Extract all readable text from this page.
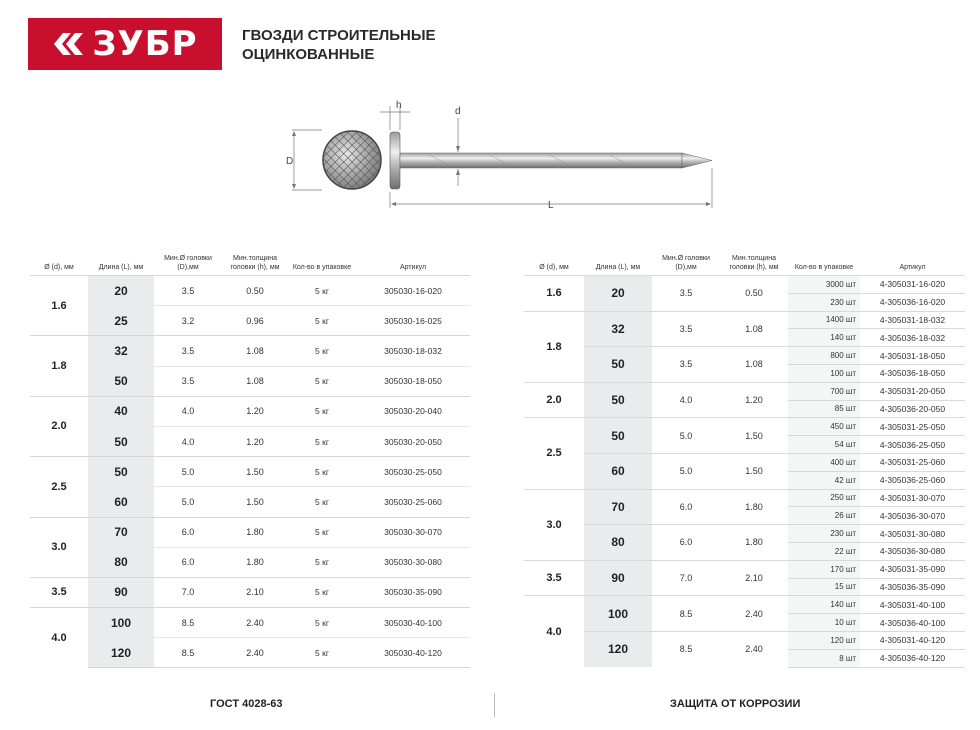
ЗУБР	ГВОЗДИ СТРОИТЕЛЬНЫЕ
ОЦИНКОВАННЫЕ
D
h
d
L
Ø (d), мм	Длина (L), мм	Мин.Ø головки (D),мм	Мин.толщина головки (h), мм	Кол-во в упаковке	Артикул
1.6	20	3.5	0.50	5 кг	305030-16-020
	25	3.2	0.96	5 кг	305030-16-025
1.8	32	3.5	1.08	5 кг	305030-18-032
	50	3.5	1.08	5 кг	305030-18-050
2.0	40	4.0	1.20	5 кг	305030-20-040
	50	4.0	1.20	5 кг	305030-20-050
2.5	50	5.0	1.50	5 кг	305030-25-050
	60	5.0	1.50	5 кг	305030-25-060
3.0	70	6.0	1.80	5 кг	305030-30-070
	80	6.0	1.80	5 кг	305030-30-080
3.5	90	7.0	2.10	5 кг	305030-35-090
4.0	100	8.5	2.40	5 кг	305030-40-100
	120	8.5	2.40	5 кг	305030-40-120
Ø (d), мм	Длина (L), мм	Мин.Ø головки (D),мм	Мин.толщина головки (h), мм	Кол-во в упаковке	Артикул
1.6	20	3.5	0.50	3000 шт	4-305031-16-020
				230 шт	4-305036-16-020
1.8	32	3.5	1.08	1400 шт	4-305031-18-032
				140 шт	4-305036-18-032
	50	3.5	1.08	800 шт	4-305031-18-050
				100 шт	4-305036-18-050
2.0	50	4.0	1.20	700 шт	4-305031-20-050
				85 шт	4-305036-20-050
2.5	50	5.0	1.50	450 шт	4-305031-25-050
				54 шт	4-305036-25-050
	60	5.0	1.50	400 шт	4-305031-25-060
				42 шт	4-305036-25-060
3.0	70	6.0	1.80	250 шт	4-305031-30-070
				26 шт	4-305036-30-070
	80	6.0	1.80	230 шт	4-305031-30-080
				22 шт	4-305036-30-080
3.5	90	7.0	2.10	170 шт	4-305031-35-090
				15 шт	4-305036-35-090
4.0	100	8.5	2.40	140 шт	4-305031-40-100
				10 шт	4-305036-40-100
	120	8.5	2.40	120 шт	4-305031-40-120
				8 шт	4-305036-40-120
ГОСТ 4028-63	ЗАЩИТА ОТ КОРРОЗИИ
